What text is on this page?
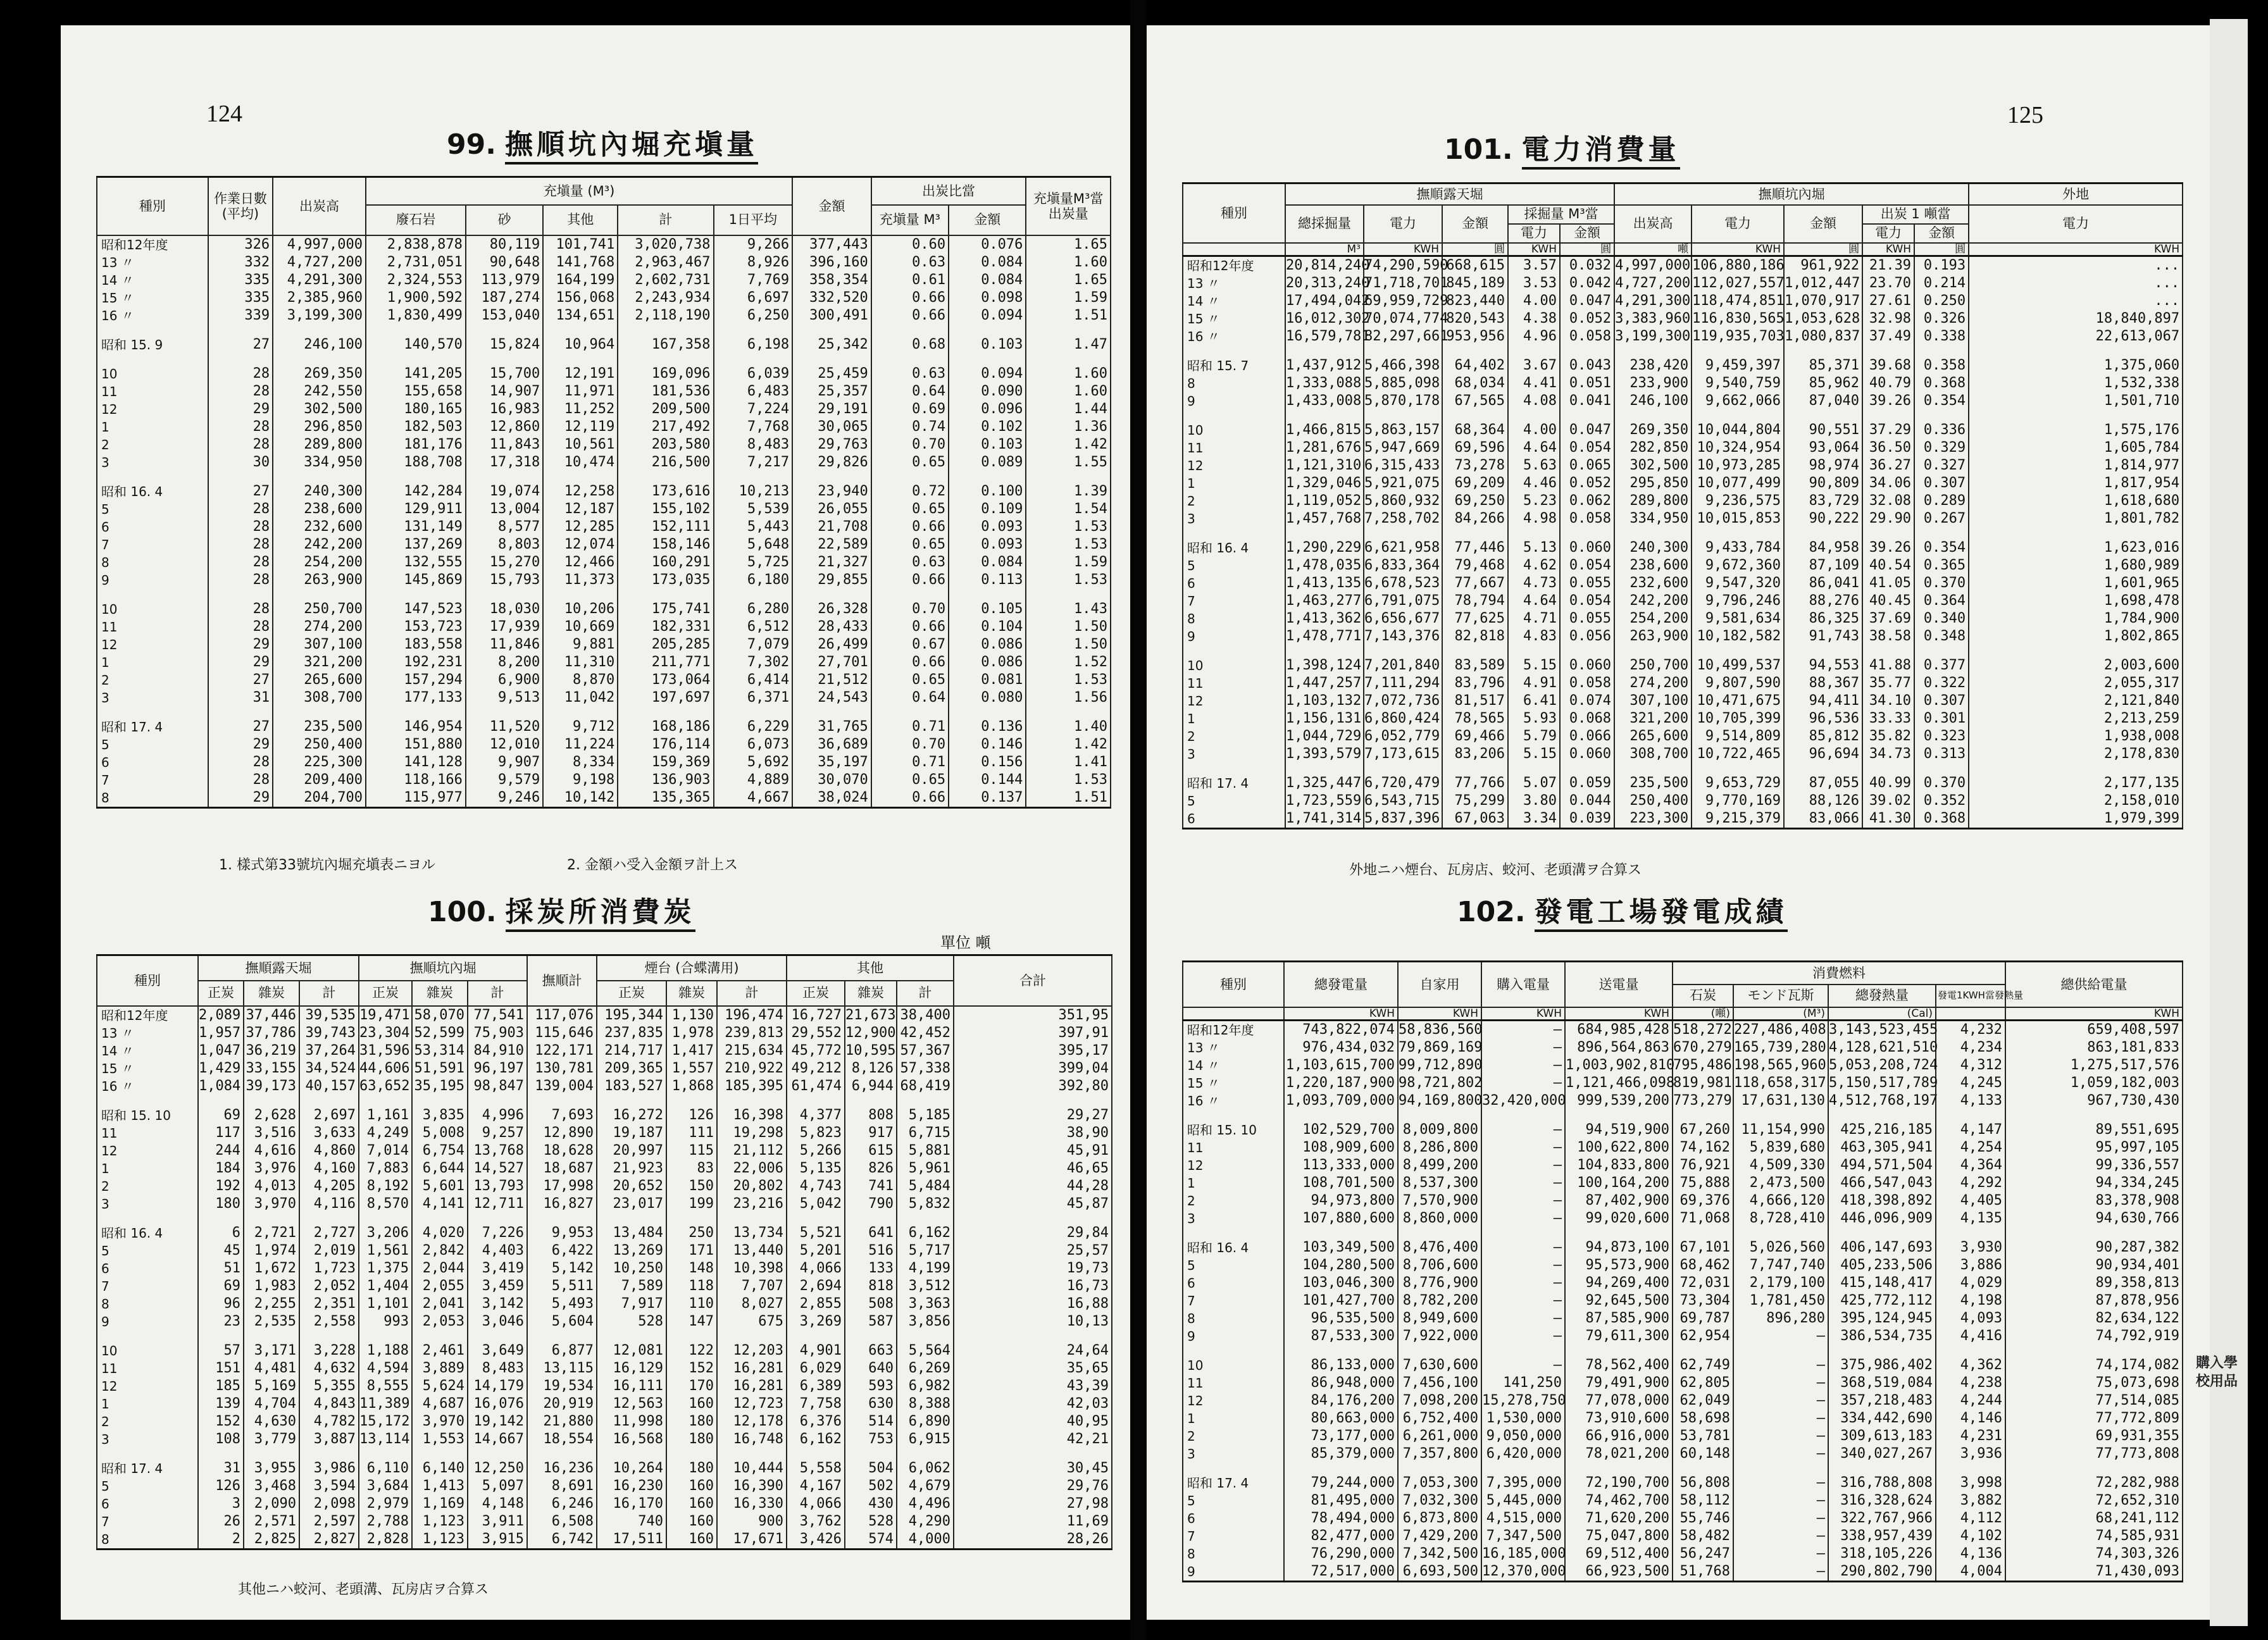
124
99. 撫順坑內堀充塡量
種別	作業日數 (平均)	出炭高	充塡量 (M³)					金額	出炭比當		充塡量M³當出炭量
			廢石岩	砂	其他	計	1日平均		充塡量 M³	金額	
昭和12年度	326	4,997,000	2,838,878	80,119	101,741	3,020,738	9,266	377,443	0.60	0.076	1.65
13 〃	332	4,727,200	2,731,051	90,648	141,768	2,963,467	8,926	396,160	0.63	0.084	1.60
14 〃	335	4,291,300	2,324,553	113,979	164,199	2,602,731	7,769	358,354	0.61	0.084	1.65
15 〃	335	2,385,960	1,900,592	187,274	156,068	2,243,934	6,697	332,520	0.66	0.098	1.59
16 〃	339	3,199,300	1,830,499	153,040	134,651	2,118,190	6,250	300,491	0.66	0.094	1.51

昭和 15. 9	27	246,100	140,570	15,824	10,964	167,358	6,198	25,342	0.68	0.103	1.47

10	28	269,350	141,205	15,700	12,191	169,096	6,039	25,459	0.63	0.094	1.60
11	28	242,550	155,658	14,907	11,971	181,536	6,483	25,357	0.64	0.090	1.60
12	29	302,500	180,165	16,983	11,252	209,500	7,224	29,191	0.69	0.096	1.44
1	28	296,850	182,503	12,860	12,119	217,492	7,768	30,065	0.74	0.102	1.36
2	28	289,800	181,176	11,843	10,561	203,580	8,483	29,763	0.70	0.103	1.42
3	30	334,950	188,708	17,318	10,474	216,500	7,217	29,826	0.65	0.089	1.55

昭和 16. 4	27	240,300	142,284	19,074	12,258	173,616	10,213	23,940	0.72	0.100	1.39
5	28	238,600	129,911	13,004	12,187	155,102	5,539	26,055	0.65	0.109	1.54
6	28	232,600	131,149	8,577	12,285	152,111	5,443	21,708	0.66	0.093	1.53
7	28	242,200	137,269	8,803	12,074	158,146	5,648	22,589	0.65	0.093	1.53
8	28	254,200	132,555	15,270	12,466	160,291	5,725	21,327	0.63	0.084	1.59
9	28	263,900	145,869	15,793	11,373	173,035	6,180	29,855	0.66	0.113	1.53

10	28	250,700	147,523	18,030	10,206	175,741	6,280	26,328	0.70	0.105	1.43
11	28	274,200	153,723	17,939	10,669	182,331	6,512	28,433	0.66	0.104	1.50
12	29	307,100	183,558	11,846	9,881	205,285	7,079	26,499	0.67	0.086	1.50
1	29	321,200	192,231	8,200	11,310	211,771	7,302	27,701	0.66	0.086	1.52
2	27	265,600	157,294	6,900	8,870	173,064	6,414	21,512	0.65	0.081	1.53
3	31	308,700	177,133	9,513	11,042	197,697	6,371	24,543	0.64	0.080	1.56

昭和 17. 4	27	235,500	146,954	11,520	9,712	168,186	6,229	31,765	0.71	0.136	1.40
5	29	250,400	151,880	12,010	11,224	176,114	6,073	36,689	0.70	0.146	1.42
6	28	225,300	141,128	9,907	8,334	159,369	5,692	35,197	0.71	0.156	1.41
7	28	209,400	118,166	9,579	9,198	136,903	4,889	30,070	0.65	0.144	1.53
8	29	204,700	115,977	9,246	10,142	135,365	4,667	38,024	0.66	0.137	1.51
1. 樣式第33號坑內堀充塡表ニヨル	2. 金額ハ受入金額ヲ計上ス
100. 採炭所消費炭
單位 噸
種別	撫順露天堀			撫順坑內堀			撫順計	煙台 (合蝶溝用)			其他			合計
	正炭	雜炭	計	正炭	雜炭	計		正炭	雜炭	計	正炭	雜炭	計	
昭和12年度	2,089	37,446	39,535	19,471	58,070	77,541	117,076	195,344	1,130	196,474	16,727	21,673	38,400	351,95
13 〃	1,957	37,786	39,743	23,304	52,599	75,903	115,646	237,835	1,978	239,813	29,552	12,900	42,452	397,91
14 〃	1,047	36,219	37,264	31,596	53,314	84,910	122,171	214,717	1,417	215,634	45,772	10,595	57,367	395,17
15 〃	1,429	33,155	34,524	44,606	51,591	96,197	130,781	209,365	1,557	210,922	49,212	8,126	57,338	399,04
16 〃	1,084	39,173	40,157	63,652	35,195	98,847	139,004	183,527	1,868	185,395	61,474	6,944	68,419	392,80

昭和 15. 10	69	2,628	2,697	1,161	3,835	4,996	7,693	16,272	126	16,398	4,377	808	5,185	29,27
11	117	3,516	3,633	4,249	5,008	9,257	12,890	19,187	111	19,298	5,823	917	6,715	38,90
12	244	4,616	4,860	7,014	6,754	13,768	18,628	20,997	115	21,112	5,266	615	5,881	45,91
1	184	3,976	4,160	7,883	6,644	14,527	18,687	21,923	83	22,006	5,135	826	5,961	46,65
2	192	4,013	4,205	8,192	5,601	13,793	17,998	20,652	150	20,802	4,743	741	5,484	44,28
3	180	3,970	4,116	8,570	4,141	12,711	16,827	23,017	199	23,216	5,042	790	5,832	45,87

昭和 16. 4	6	2,721	2,727	3,206	4,020	7,226	9,953	13,484	250	13,734	5,521	641	6,162	29,84
5	45	1,974	2,019	1,561	2,842	4,403	6,422	13,269	171	13,440	5,201	516	5,717	25,57
6	51	1,672	1,723	1,375	2,044	3,419	5,142	10,250	148	10,398	4,066	133	4,199	19,73
7	69	1,983	2,052	1,404	2,055	3,459	5,511	7,589	118	7,707	2,694	818	3,512	16,73
8	96	2,255	2,351	1,101	2,041	3,142	5,493	7,917	110	8,027	2,855	508	3,363	16,88
9	23	2,535	2,558	993	2,053	3,046	5,604	528	147	675	3,269	587	3,856	10,13

10	57	3,171	3,228	1,188	2,461	3,649	6,877	12,081	122	12,203	4,901	663	5,564	24,64
11	151	4,481	4,632	4,594	3,889	8,483	13,115	16,129	152	16,281	6,029	640	6,269	35,65
12	185	5,169	5,355	8,555	5,624	14,179	19,534	16,111	170	16,281	6,389	593	6,982	43,39
1	139	4,704	4,843	11,389	4,687	16,076	20,919	12,563	160	12,723	7,758	630	8,388	42,03
2	152	4,630	4,782	15,172	3,970	19,142	21,880	11,998	180	12,178	6,376	514	6,890	40,95
3	108	3,779	3,887	13,114	1,553	14,667	18,554	16,568	180	16,748	6,162	753	6,915	42,21

昭和 17. 4	31	3,955	3,986	6,110	6,140	12,250	16,236	10,264	180	10,444	5,558	504	6,062	30,45
5	126	3,468	3,594	3,684	1,413	5,097	8,691	16,230	160	16,390	4,167	502	4,679	29,76
6	3	2,090	2,098	2,979	1,169	4,148	6,246	16,170	160	16,330	4,066	430	4,496	27,98
7	26	2,571	2,597	2,788	1,123	3,911	6,508	740	160	900	3,762	528	4,290	11,69
8	2	2,825	2,827	2,828	1,123	3,915	6,742	17,511	160	17,671	3,426	574	4,000	28,26
其他ニハ蛟河、老頭溝、瓦房店ヲ合算ス
125
101. 電力消費量
種別	撫順露天堀					撫順坑內堀					外地
	總採掘量	電力	金額	採掘量 M³當		出炭高	電力	金額	出炭 1 噸當		電力
				電力	金額				電力	金額	
	M³	KWH	圓	KWH	圓	噸	KWH	圓	KWH	圓	KWH
昭和12年度	20,814,240	74,290,590	668,615	3.57	0.032	4,997,000	106,880,186	961,922	21.39	0.193	...
13 〃	20,313,240	71,718,701	845,189	3.53	0.042	4,727,200	112,027,557	1,012,447	23.70	0.214	...
14 〃	17,494,042	69,959,729	823,440	4.00	0.047	4,291,300	118,474,851	1,070,917	27.61	0.250	...
15 〃	16,012,302	70,074,774	820,543	4.38	0.052	3,383,960	116,830,565	1,053,628	32.98	0.326	18,840,897
16 〃	16,579,781	82,297,661	953,956	4.96	0.058	3,199,300	119,935,703	1,080,837	37.49	0.338	22,613,067

昭和 15. 7	1,437,912	5,466,398	64,402	3.67	0.043	238,420	9,459,397	85,371	39.68	0.358	1,375,060
8	1,333,088	5,885,098	68,034	4.41	0.051	233,900	9,540,759	85,962	40.79	0.368	1,532,338
9	1,433,008	5,870,178	67,565	4.08	0.041	246,100	9,662,066	87,040	39.26	0.354	1,501,710

10	1,466,815	5,863,157	68,364	4.00	0.047	269,350	10,044,804	90,551	37.29	0.336	1,575,176
11	1,281,676	5,947,669	69,596	4.64	0.054	282,850	10,324,954	93,064	36.50	0.329	1,605,784
12	1,121,310	6,315,433	73,278	5.63	0.065	302,500	10,973,285	98,974	36.27	0.327	1,814,977
1	1,329,046	5,921,075	69,209	4.46	0.052	295,850	10,077,499	90,809	34.06	0.307	1,817,954
2	1,119,052	5,860,932	69,250	5.23	0.062	289,800	9,236,575	83,729	32.08	0.289	1,618,680
3	1,457,768	7,258,702	84,266	4.98	0.058	334,950	10,015,853	90,222	29.90	0.267	1,801,782

昭和 16. 4	1,290,229	6,621,958	77,446	5.13	0.060	240,300	9,433,784	84,958	39.26	0.354	1,623,016
5	1,478,035	6,833,364	79,468	4.62	0.054	238,600	9,672,360	87,109	40.54	0.365	1,680,989
6	1,413,135	6,678,523	77,667	4.73	0.055	232,600	9,547,320	86,041	41.05	0.370	1,601,965
7	1,463,277	6,791,075	78,794	4.64	0.054	242,200	9,796,246	88,276	40.45	0.364	1,698,478
8	1,413,362	6,656,677	77,625	4.71	0.055	254,200	9,581,634	86,325	37.69	0.340	1,784,900
9	1,478,771	7,143,376	82,818	4.83	0.056	263,900	10,182,582	91,743	38.58	0.348	1,802,865

10	1,398,124	7,201,840	83,589	5.15	0.060	250,700	10,499,537	94,553	41.88	0.377	2,003,600
11	1,447,257	7,111,294	83,796	4.91	0.058	274,200	9,807,590	88,367	35.77	0.322	2,055,317
12	1,103,132	7,072,736	81,517	6.41	0.074	307,100	10,471,675	94,411	34.10	0.307	2,121,840
1	1,156,131	6,860,424	78,565	5.93	0.068	321,200	10,705,399	96,536	33.33	0.301	2,213,259
2	1,044,729	6,052,779	69,466	5.79	0.066	265,600	9,514,809	85,812	35.82	0.323	1,938,008
3	1,393,579	7,173,615	83,206	5.15	0.060	308,700	10,722,465	96,694	34.73	0.313	2,178,830

昭和 17. 4	1,325,447	6,720,479	77,766	5.07	0.059	235,500	9,653,729	87,055	40.99	0.370	2,177,135
5	1,723,559	6,543,715	75,299	3.80	0.044	250,400	9,770,169	88,126	39.02	0.352	2,158,010
6	1,741,314	5,837,396	67,063	3.34	0.039	223,300	9,215,379	83,066	41.30	0.368	1,979,399
外地ニハ煙台、瓦房店、蛟河、老頭溝ヲ合算ス
102. 發電工場發電成績
種別	總發電量	自家用	購入電量	送電量	消費燃料				總供給電量
					石炭	モンド瓦斯	總發熱量	發電1KWH當發熱量	
	KWH	KWH	KWH	KWH	(噸)	(M³)	(Cal)		KWH
昭和12年度	743,822,074	58,836,560	—	684,985,428	518,272	227,486,408	3,143,523,455	4,232	659,408,597
13 〃	976,434,032	79,869,169	—	896,564,863	670,279	165,739,280	4,128,621,510	4,234	863,181,833
14 〃	1,103,615,700	99,712,890	—	1,003,902,810	795,486	198,565,960	5,053,208,724	4,312	1,275,517,576
15 〃	1,220,187,900	98,721,802	—	1,121,466,098	819,981	118,658,317	5,150,517,789	4,245	1,059,182,003
16 〃	1,093,709,000	94,169,800	32,420,000	999,539,200	773,279	17,631,130	4,512,768,197	4,133	967,730,430

昭和 15. 10	102,529,700	8,009,800	—	94,519,900	67,260	11,154,990	425,216,185	4,147	89,551,695
11	108,909,600	8,286,800	—	100,622,800	74,162	5,839,680	463,305,941	4,254	95,997,105
12	113,333,000	8,499,200	—	104,833,800	76,921	4,509,330	494,571,504	4,364	99,336,557
1	108,701,500	8,537,300	—	100,164,200	75,888	2,473,500	466,547,043	4,292	94,334,245
2	94,973,800	7,570,900	—	87,402,900	69,376	4,666,120	418,398,892	4,405	83,378,908
3	107,880,600	8,860,000	—	99,020,600	71,068	8,728,410	446,096,909	4,135	94,630,766

昭和 16. 4	103,349,500	8,476,400	—	94,873,100	67,101	5,026,560	406,147,693	3,930	90,287,382
5	104,280,500	8,706,600	—	95,573,900	68,462	7,747,740	405,233,506	3,886	90,934,401
6	103,046,300	8,776,900	—	94,269,400	72,031	2,179,100	415,148,417	4,029	89,358,813
7	101,427,700	8,782,200	—	92,645,500	73,304	1,781,450	425,772,112	4,198	87,878,956
8	96,535,500	8,949,600	—	87,585,900	69,787	896,280	395,124,945	4,093	82,634,122
9	87,533,300	7,922,000	—	79,611,300	62,954	—	386,534,735	4,416	74,792,919

10	86,133,000	7,630,600	—	78,562,400	62,749	—	375,986,402	4,362	74,174,082
11	86,948,000	7,456,100	141,250	79,491,900	62,805	—	368,519,084	4,238	75,073,698
12	84,176,200	7,098,200	15,278,750	77,078,000	62,049	—	357,218,483	4,244	77,514,085
1	80,663,000	6,752,400	1,530,000	73,910,600	58,698	—	334,442,690	4,146	77,772,809
2	73,177,000	6,261,000	9,050,000	66,916,000	53,781	—	309,613,183	4,231	69,931,355
3	85,379,000	7,357,800	6,420,000	78,021,200	60,148	—	340,027,267	3,936	77,773,808

昭和 17. 4	79,244,000	7,053,300	7,395,000	72,190,700	56,808	—	316,788,808	3,998	72,282,988
5	81,495,000	7,032,300	5,445,000	74,462,700	58,112	—	316,328,624	3,882	72,652,310
6	78,494,000	6,873,800	4,515,000	71,620,200	55,746	—	322,767,966	4,112	68,241,112
7	82,477,000	7,429,200	7,347,500	75,047,800	58,482	—	338,957,439	4,102	74,585,931
8	76,290,000	7,342,500	16,185,000	69,512,400	56,247	—	318,105,226	4,136	74,303,326
9	72,517,000	6,693,500	12,370,000	66,923,500	51,768	—	290,802,790	4,004	71,430,093
購入學校用品
